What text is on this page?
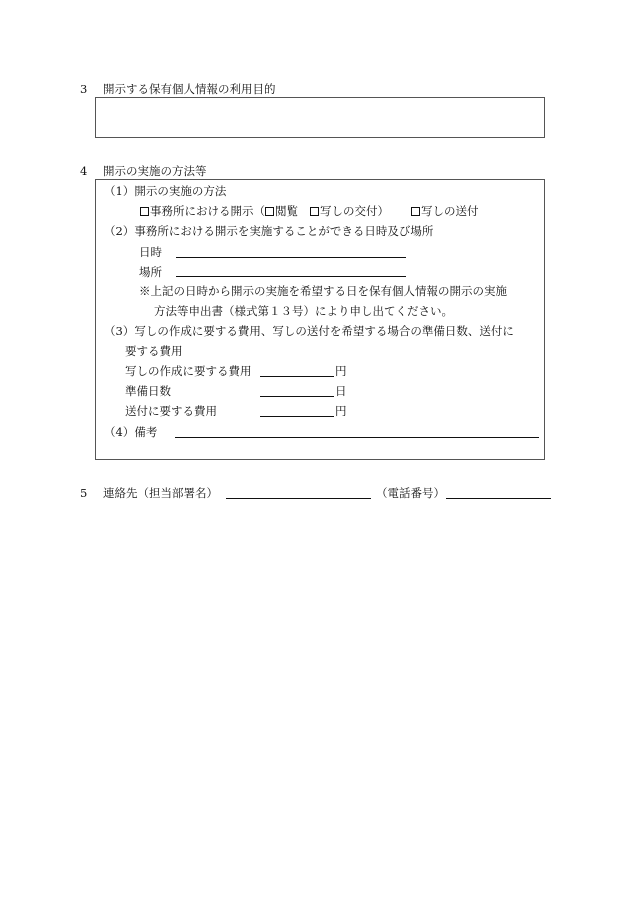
3 開示する保有個人情報の利用目的
4 開示の実施の方法等
（1）開示の実施の方法
事務所における開示（ 閲覧 写しの交付）	写しの送付
（2）事務所における開示を実施することができる日時及び場所
日時
場所
※上記の日時から開示の実施を希望する日を保有個人情報の開示の実施
方法等申出書（様式第１３号）により申し出てください。
（3）写しの作成に要する費用、写しの送付を希望する場合の準備日数、送付に
要する費用
写しの作成に要する費用	円
準備日数	日
送付に要する費用	円
（4）備考
5 連絡先（担当部署名）	（電話番号）
